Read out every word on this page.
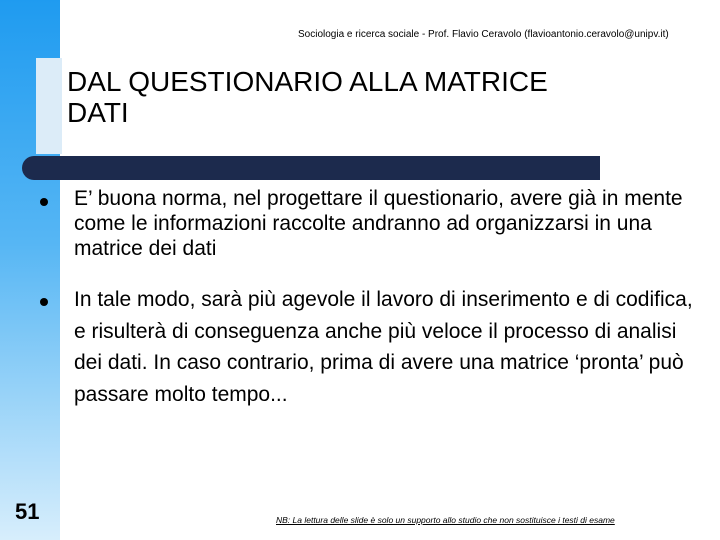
Sociologia e ricerca sociale - Prof. Flavio Ceravolo (flavioantonio.ceravolo@unipv.it)
DAL QUESTIONARIO ALLA MATRICE
DATI
E’ buona norma, nel progettare il questionario, avere già in mente come le informazioni raccolte andranno ad organizzarsi in una matrice dei dati
In tale modo, sarà più agevole il lavoro di inserimento e di codifica, e risulterà di conseguenza anche più veloce il processo di analisi dei dati. In caso contrario, prima di avere una matrice ‘pronta’ può passare molto tempo...
51	NB: La lettura delle slide è solo un supporto allo studio che non sostituisce i testi di esame
